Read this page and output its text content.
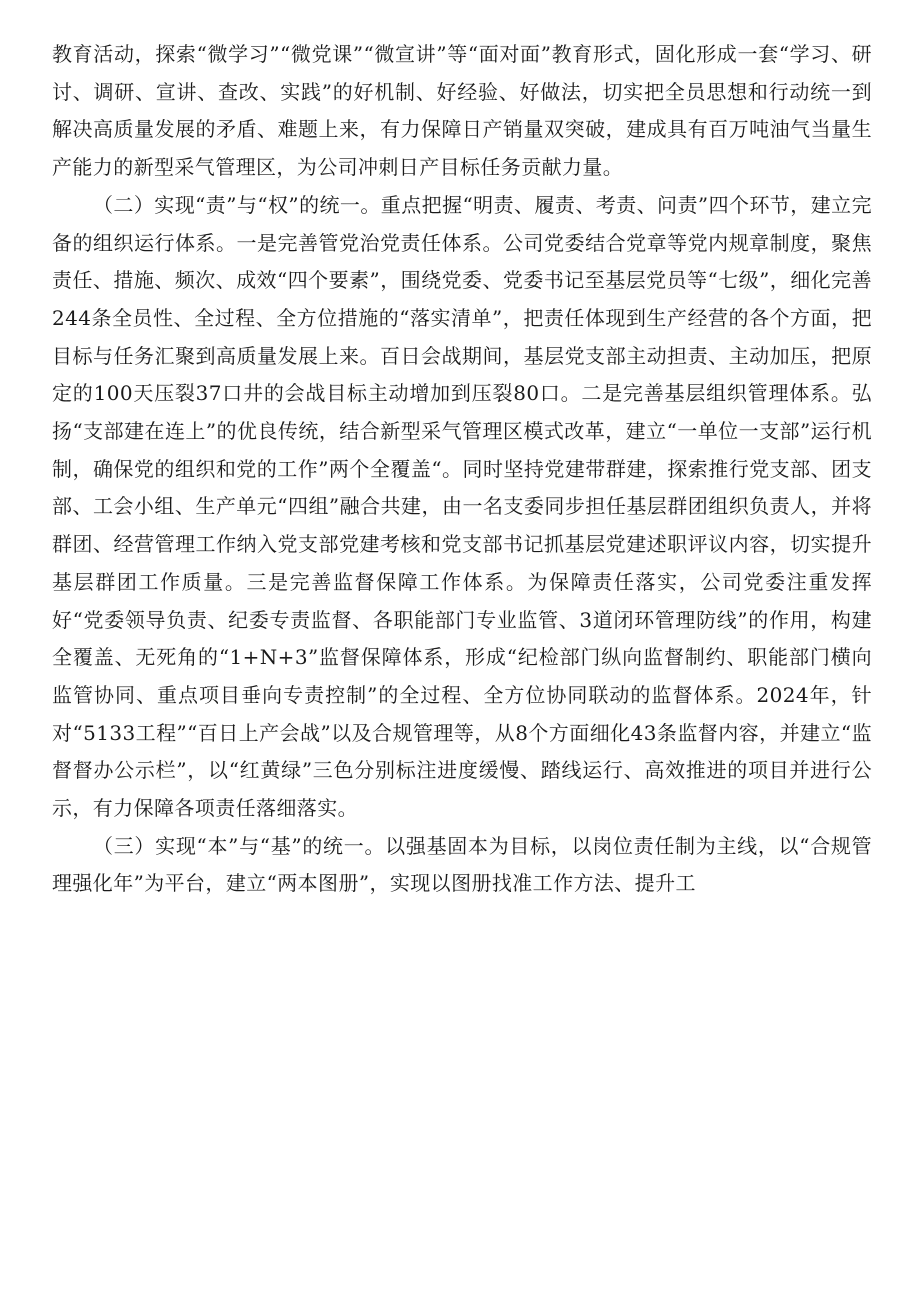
教育活动，探索“微学习”“微党课”“微宣讲”等“面对面”教育形式，固化形成一套“学习、研讨、调研、宣讲、查改、实践”的好机制、好经验、好做法，切实把全员思想和行动统一到解决高质量发展的矛盾、难题上来，有力保障日产销量双突破，建成具有百万吨油气当量生产能力的新型采气管理区，为公司冲刺日产目标任务贡献力量。

（二）实现“责”与“权”的统一。重点把握“明责、履责、考责、问责”四个环节，建立完备的组织运行体系。一是完善管党治党责任体系。公司党委结合党章等党内规章制度，聚焦责任、措施、频次、成效“四个要素”，围绕党委、党委书记至基层党员等“七级”，细化完善244条全员性、全过程、全方位措施的“落实清单”，把责任体现到生产经营的各个方面，把目标与任务汇聚到高质量发展上来。百日会战期间，基层党支部主动担责、主动加压，把原定的100天压裂37口井的会战目标主动增加到压裂80口。二是完善基层组织管理体系。弘扬“支部建在连上”的优良传统，结合新型采气管理区模式改革，建立“一单位一支部”运行机制，确保党的组织和党的工作”两个全覆盖“。同时坚持党建带群建，探索推行党支部、团支部、工会小组、生产单元“四组”融合共建，由一名支委同步担任基层群团组织负责人，并将群团、经营管理工作纳入党支部党建考核和党支部书记抓基层党建述职评议内容，切实提升基层群团工作质量。三是完善监督保障工作体系。为保障责任落实，公司党委注重发挥好“党委领导负责、纪委专责监督、各职能部门专业监管、3道闭环管理防线”的作用，构建全覆盖、无死角的“1+N+3”监督保障体系，形成“纪检部门纵向监督制约、职能部门横向监管协同、重点项目垂向专责控制”的全过程、全方位协同联动的监督体系。2024年，针对“5133工程”“百日上产会战”以及合规管理等，从8个方面细化43条监督内容，并建立“监督督办公示栏”，以“红黄绿”三色分别标注进度缓慢、踏线运行、高效推进的项目并进行公示，有力保障各项责任落细落实。

（三）实现“本”与“基”的统一。以强基固本为目标，以岗位责任制为主线，以“合规管理强化年”为平台，建立“两本图册”，实现以图册找准工作方法、提升工
